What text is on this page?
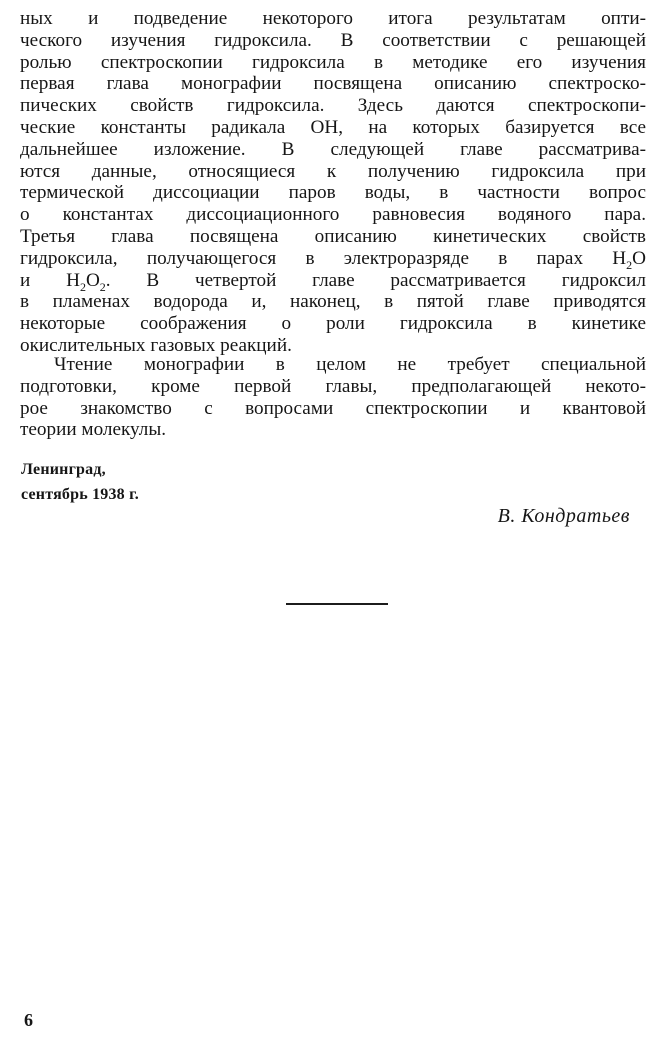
ных и подведение некоторого итога результатам опти-
ческого изучения гидроксила. В соответствии с решающей
ролью спектроскопии гидроксила в методике его изучения
первая глава монографии посвящена описанию спектроско-
пических свойств гидроксила. Здесь даются спектроскопи-
ческие константы радикала ОН, на которых базируется все
дальнейшее изложение. В следующей главе рассматрива-
ются данные, относящиеся к получению гидроксила при
термической диссоциации паров воды, в частности вопрос
о константах диссоциационного равновесия водяного пара.
Третья глава посвящена описанию кинетических свойств
гидроксила, получающегося в электроразряде в парах $H_2O$
и $H_2O_2$. В четвертой главе рассматривается гидроксил
в пламенах водорода и, наконец, в пятой главе приводятся
некоторые соображения о роли гидроксила в кинетике
окислительных газовых реакций.
Чтение монографии в целом не требует специальной
подготовки, кроме первой главы, предполагающей некото-
рое знакомство с вопросами спектроскопии и квантовой
теории молекулы.
Ленинград,
сентябрь 1938 г.
В. Кондратьев
6
